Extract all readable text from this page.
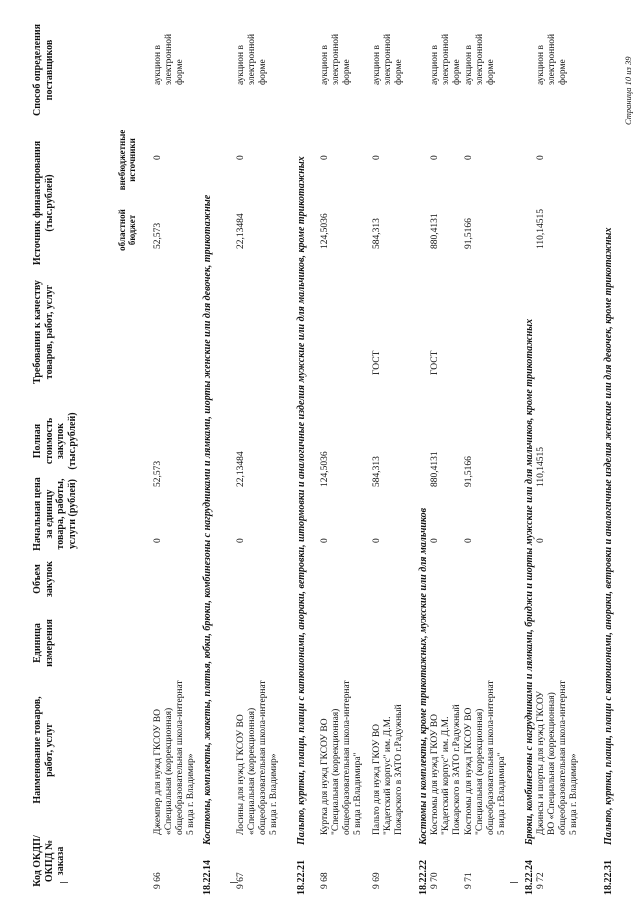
Код ОКДП/ ОКПД № заказа
Наименование товаров, работ, услуг
Единица измерения
Объем закупок
Начальная цена за единицу товара, работы, услуги (рублей)
Полная стоимость закупок (тыс.рублей)
Требования к качеству товаров, работ, услуг
Источник финансирования (тыс.рублей)
Способ определения поставщиков
областной бюджет
внебюджетные источники
9 66
Джемпер для нужд ГКСОУ ВО «Специальная (коррекционная) общеобразовательная школа-интернат 5 вида г. Владимир»
0
52,573
52,573
0
аукцион в электронной форме
18.22.14Костюмы, комплекты, жакеты, платья, юбки, брюки, комбинезоны с нагрудниками и лямками, шорты женские или для девочек, трикотажные
9 67
Лосины для нужд ГКСОУ ВО «Специальная (коррекционная) общеобразовательная школа-интернат 5 вида г. Владимир»
0
22,13484
22,13484
0
аукцион в электронной форме
18.22.21Пальто, куртки, плащи, плащи с капюшонами, анораки, ветровки, штормовки и аналогичные изделия мужские или для мальчиков, кроме трикотажных
9 68
Куртка для нужд ГКСОУ ВО "Специальная (коррекционная) общеобразовательная школа-интернат 5 вида г.Владимира"
0
124,5036
124,5036
0
аукцион в электронной форме
9 69
Пальто для нужд ГКОУ ВО "Кадетский корпус" им. Д.М. Пожарского в ЗАТО г.Радужный
0
584,313
ГОСТ
584,313
0
аукцион в электронной форме
18.22.22Костюмы и комплекты, кроме трикотажных, мужские или для мальчиков
9 70
Костюмы для нужд ГКОУ ВО "Кадетский корпус" им. Д.М. Пожарского в ЗАТО г.Радужный
0
880,4131
ГОСТ
880,4131
0
аукцион в электронной форме
9 71
Костюмы для нужд ГКСОУ ВО "Специальная (коррекционная) общеобразовательная школа-интернат 5 вида г.Владимира"
0
91,5166
91,5166
0
аукцион в электронной форме
18.22.24Брюки, комбинезоны с нагрудниками и лямками, бриджи и шорты мужские или для мальчиков, кроме трикотажных
9 72
Джинсы и шорты для нужд ГКСОУ ВО «Специальная (коррекционная) общеобразовательная школа-интернат 5 вида г. Владимир»
0
110,14515
110,14515
0
аукцион в электронной форме
18.22.31Пальто, куртки, плащи, плащи с капюшонами, анораки, ветровки и аналогичные изделия женские или для девочек, кроме трикотажных
Страница 10 из 39
